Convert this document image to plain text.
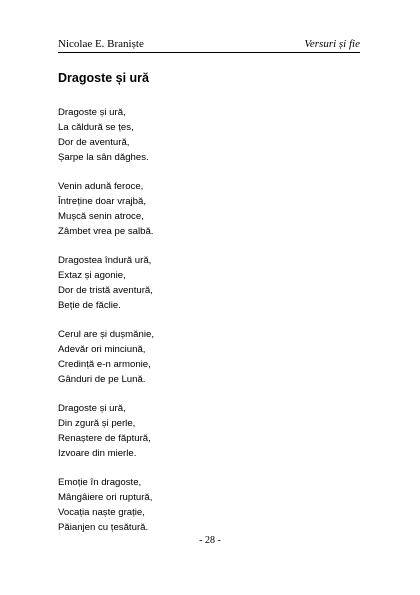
Nicolae E. Braniște	Versuri și fie
Dragoste și ură
Dragoste și ură,
La căldură se țes,
Dor de aventură,
Șarpe la sân dăghes.
Venin adună feroce,
Întreține doar vrajbă,
Mușcă senin atroce,
Zâmbet vrea pe salbă.
Dragostea îndură ură,
Extaz și agonie,
Dor de tristă aventură,
Beție de făclie.
Cerul are și dușmănie,
Adevăr ori minciună,
Credință e-n armonie,
Gânduri de pe Lună.
Dragoste și ură,
Din zgură și perle,
Renaștere de făptură,
Izvoare din mierle.
Emoție în dragoste,
Mângâiere ori ruptură,
Vocația naște grație,
Păianjen cu țesătură.
- 28 -
